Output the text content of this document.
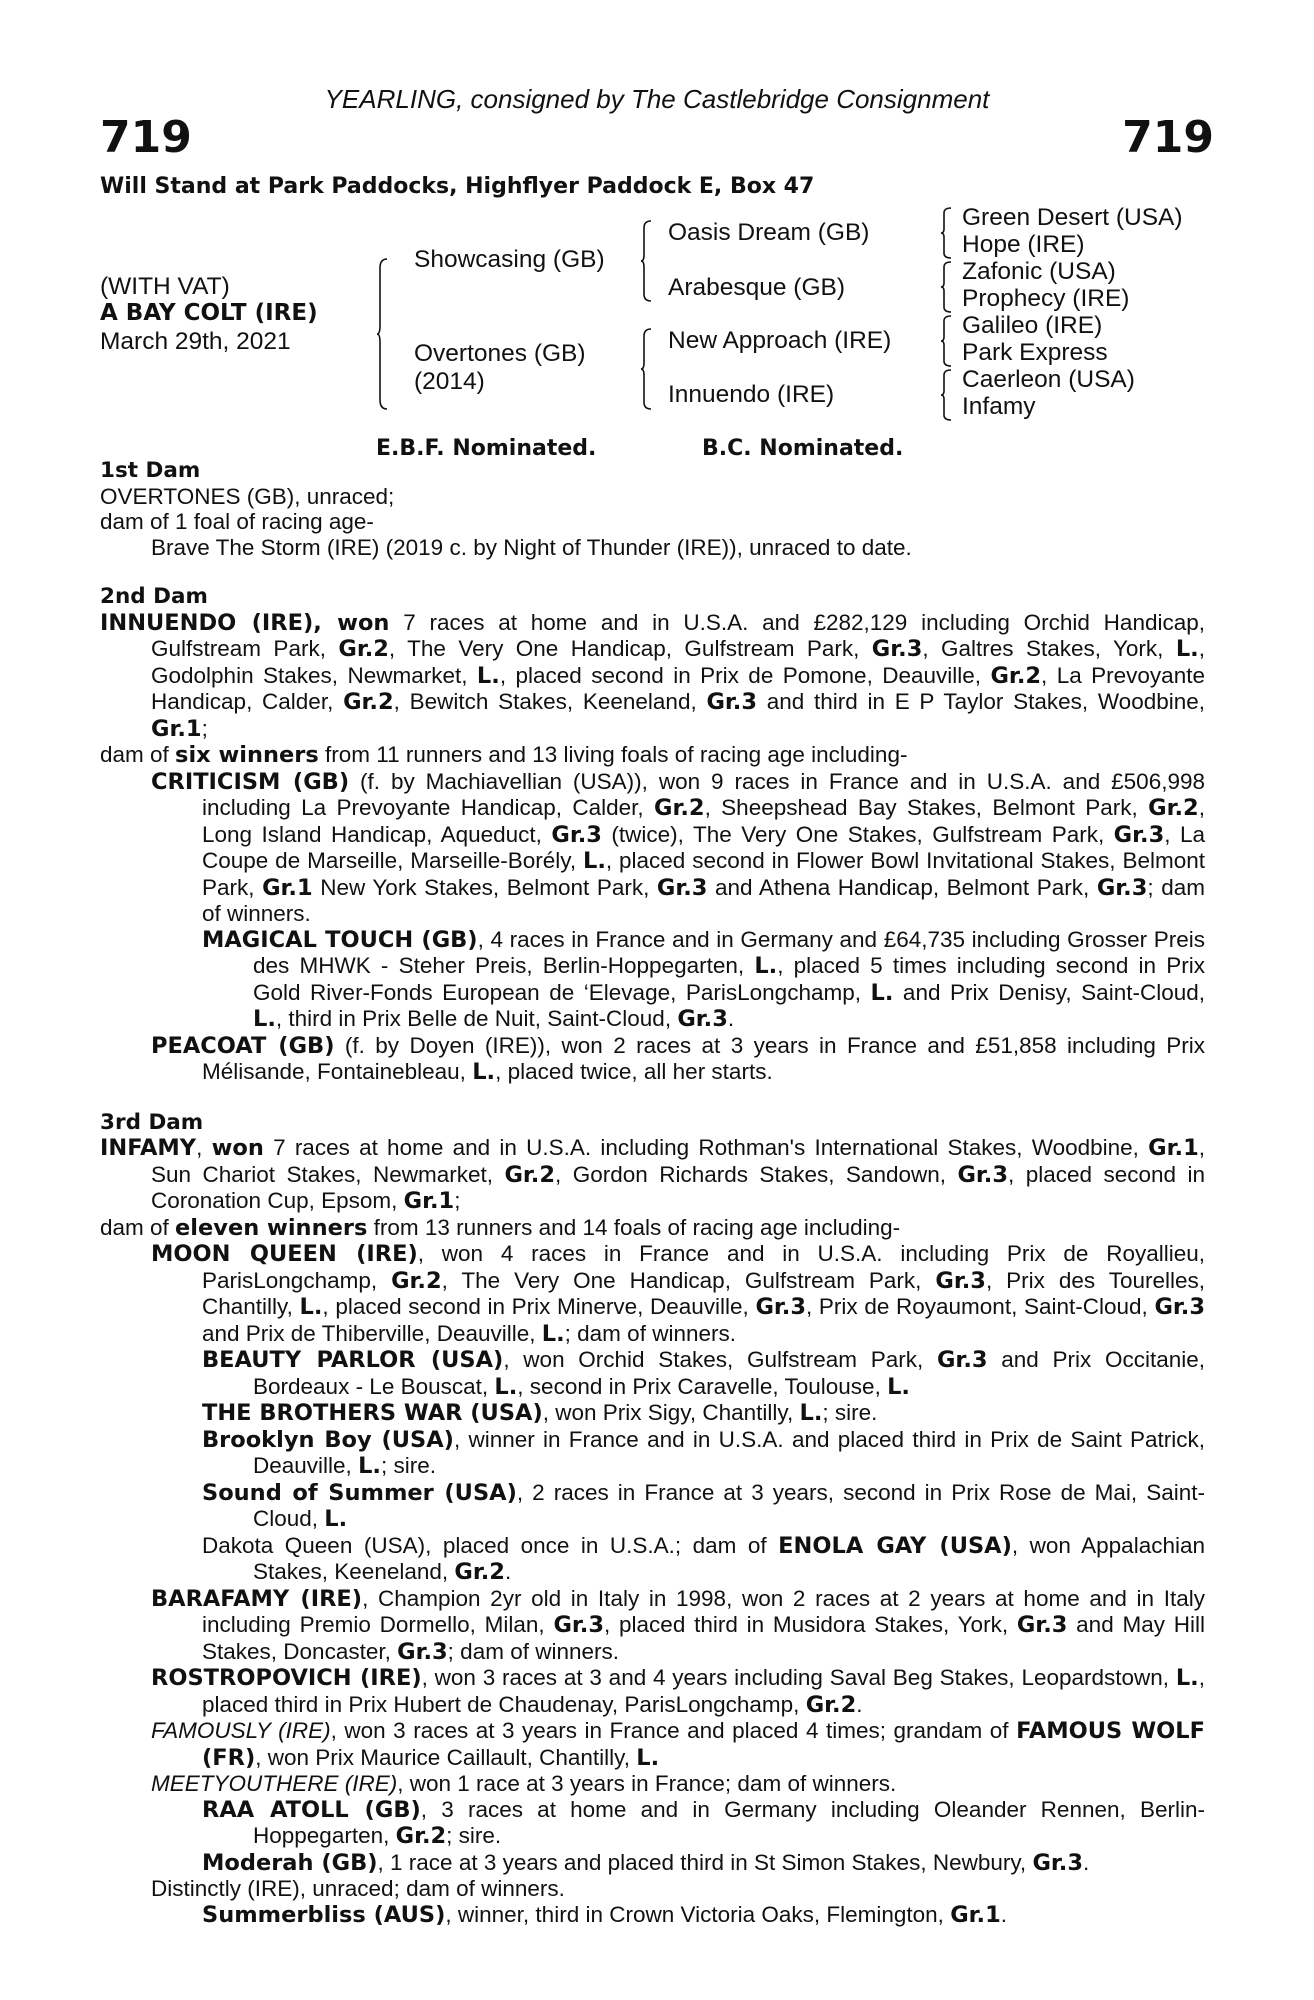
YEARLING, consigned by The Castlebridge Consignment
719	719
Will Stand at Park Paddocks, Highflyer Paddock E, Box 47
(WITH VAT)
A BAY COLT (IRE)
March 29th, 2021
Showcasing (GB)
Overtones (GB)
(2014)
Oasis Dream (GB)
Arabesque (GB)
New Approach (IRE)
Innuendo (IRE)
Green Desert (USA)
Hope (IRE)
Zafonic (USA)
Prophecy (IRE)
Galileo (IRE)
Park Express
Caerleon (USA)
Infamy
E.B.F. Nominated.	B.C. Nominated.
1st Dam
OVERTONES (GB), unraced;
dam of 1 foal of racing age-
Brave The Storm (IRE) (2019 c. by Night of Thunder (IRE)), unraced to date.
2nd Dam
INNUENDO (IRE), won 7 races at home and in U.S.A. and £282,129 including Orchid Handicap, Gulfstream Park, Gr.2, The Very One Handicap, Gulfstream Park, Gr.3, Galtres Stakes, York, L., Godolphin Stakes, Newmarket, L., placed second in Prix de Pomone, Deauville, Gr.2, La Prevoyante Handicap, Calder, Gr.2, Bewitch Stakes, Keeneland, Gr.3 and third in E P Taylor Stakes, Woodbine, Gr.1;
dam of six winners from 11 runners and 13 living foals of racing age including-
CRITICISM (GB) (f. by Machiavellian (USA)), won 9 races in France and in U.S.A. and £506,998 including La Prevoyante Handicap, Calder, Gr.2, Sheepshead Bay Stakes, Belmont Park, Gr.2, Long Island Handicap, Aqueduct, Gr.3 (twice), The Very One Stakes, Gulfstream Park, Gr.3, La Coupe de Marseille, Marseille-Borély, L., placed second in Flower Bowl Invitational Stakes, Belmont Park, Gr.1 New York Stakes, Belmont Park, Gr.3 and Athena Handicap, Belmont Park, Gr.3; dam of winners.
MAGICAL TOUCH (GB), 4 races in France and in Germany and £64,735 including Grosser Preis des MHWK - Steher Preis, Berlin-Hoppegarten, L., placed 5 times including second in Prix Gold River-Fonds European de ‘Elevage, ParisLongchamp, L. and Prix Denisy, Saint-Cloud, L., third in Prix Belle de Nuit, Saint-Cloud, Gr.3.
PEACOAT (GB) (f. by Doyen (IRE)), won 2 races at 3 years in France and £51,858 including Prix Mélisande, Fontainebleau, L., placed twice, all her starts.
3rd Dam
INFAMY, won 7 races at home and in U.S.A. including Rothman's International Stakes, Woodbine, Gr.1, Sun Chariot Stakes, Newmarket, Gr.2, Gordon Richards Stakes, Sandown, Gr.3, placed second in Coronation Cup, Epsom, Gr.1;
dam of eleven winners from 13 runners and 14 foals of racing age including-
MOON QUEEN (IRE), won 4 races in France and in U.S.A. including Prix de Royallieu, ParisLongchamp, Gr.2, The Very One Handicap, Gulfstream Park, Gr.3, Prix des Tourelles, Chantilly, L., placed second in Prix Minerve, Deauville, Gr.3, Prix de Royaumont, Saint-Cloud, Gr.3 and Prix de Thiberville, Deauville, L.; dam of winners.
BEAUTY PARLOR (USA), won Orchid Stakes, Gulfstream Park, Gr.3 and Prix Occitanie, Bordeaux - Le Bouscat, L., second in Prix Caravelle, Toulouse, L.
THE BROTHERS WAR (USA), won Prix Sigy, Chantilly, L.; sire.
Brooklyn Boy (USA), winner in France and in U.S.A. and placed third in Prix de Saint Patrick, Deauville, L.; sire.
Sound of Summer (USA), 2 races in France at 3 years, second in Prix Rose de Mai, Saint-Cloud, L.
Dakota Queen (USA), placed once in U.S.A.; dam of ENOLA GAY (USA), won Appalachian Stakes, Keeneland, Gr.2.
BARAFAMY (IRE), Champion 2yr old in Italy in 1998, won 2 races at 2 years at home and in Italy including Premio Dormello, Milan, Gr.3, placed third in Musidora Stakes, York, Gr.3 and May Hill Stakes, Doncaster, Gr.3; dam of winners.
ROSTROPOVICH (IRE), won 3 races at 3 and 4 years including Saval Beg Stakes, Leopardstown, L., placed third in Prix Hubert de Chaudenay, ParisLongchamp, Gr.2.
FAMOUSLY (IRE), won 3 races at 3 years in France and placed 4 times; grandam of FAMOUS WOLF (FR), won Prix Maurice Caillault, Chantilly, L.
MEETYOUTHERE (IRE), won 1 race at 3 years in France; dam of winners.
RAA ATOLL (GB), 3 races at home and in Germany including Oleander Rennen, Berlin-Hoppegarten, Gr.2; sire.
Moderah (GB), 1 race at 3 years and placed third in St Simon Stakes, Newbury, Gr.3.
Distinctly (IRE), unraced; dam of winners.
Summerbliss (AUS), winner, third in Crown Victoria Oaks, Flemington, Gr.1.
